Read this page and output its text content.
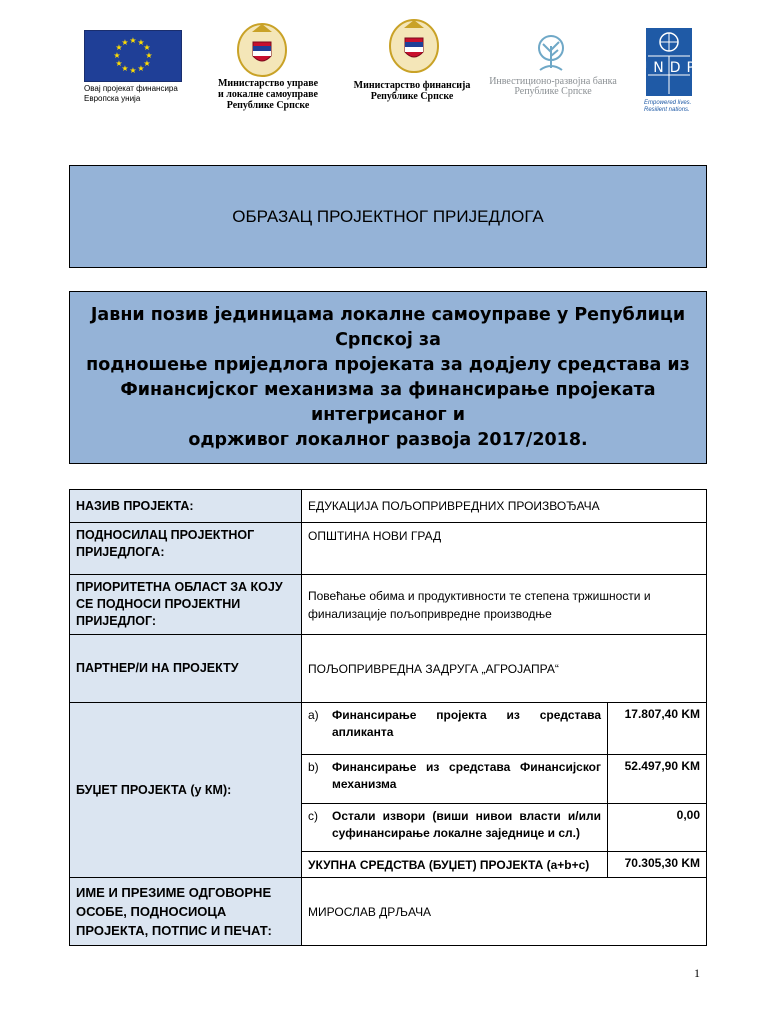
★ ★
★
★
★
★
★
★
★
★
★
★
Овај пројекат финансира
Европска унија
Министарство управе
и локалне самоуправе
Републике Српске
Министарство финансија
Републике Српске
Инвестиционо-развојна банка
Републике Српске
UNDP
Empowered lives.
Resilient nations.
ОБРАЗАЦ ПРОЈЕКТНОГ ПРИЈЕДЛОГА
Јавни позив јединицама локалне самоуправе у Републици Српској за
подношење приједлога пројеката за додјелу средстава из
Финансијског механизма за финансирање пројеката интегрисаног и
одрживог локалног развоја 2017/2018.
НАЗИВ ПРОЈЕКТА:	ЕДУКАЦИЈА ПОЉОПРИВРЕДНИХ ПРОИЗВОЂАЧА	
ПОДНОСИЛАЦ ПРОЈЕКТНОГ ПРИЈЕДЛОГА:	ОПШТИНА НОВИ ГРАД	
ПРИОРИТЕТНА ОБЛАСТ ЗА КОЈУ СЕ ПОДНОСИ ПРОЈЕКТНИ ПРИЈЕДЛОГ:	Повећање обима и продуктивности те степена тржишности и финализације пољопривредне производње	
ПАРТНЕР/И НА ПРОЈЕКТУ	ПОЉОПРИВРЕДНА ЗАДРУГА „АГРОЈАПРА“	
БУЏЕТ ПРОЈЕКТА (у КМ):	a) Финансирање пројекта из средстава апликанта	17.807,40 KM

	b) Финансирање из средстава Финансијског механизма	52.497,90 KM

	c) Остали извори (виши нивои власти и/или суфинансирање локалне заједнице и сл.)	0,00
	УКУПНА СРЕДСТВА (БУЏЕТ) ПРОЈЕКТА (a+b+c)	70.305,30 KM
ИМЕ И ПРЕЗИМЕ ОДГОВОРНЕ ОСОБЕ, ПОДНОСИОЦА ПРОЈЕКТА, ПОТПИС И ПЕЧАТ:	МИРОСЛАВ ДРЉАЧА	
1
